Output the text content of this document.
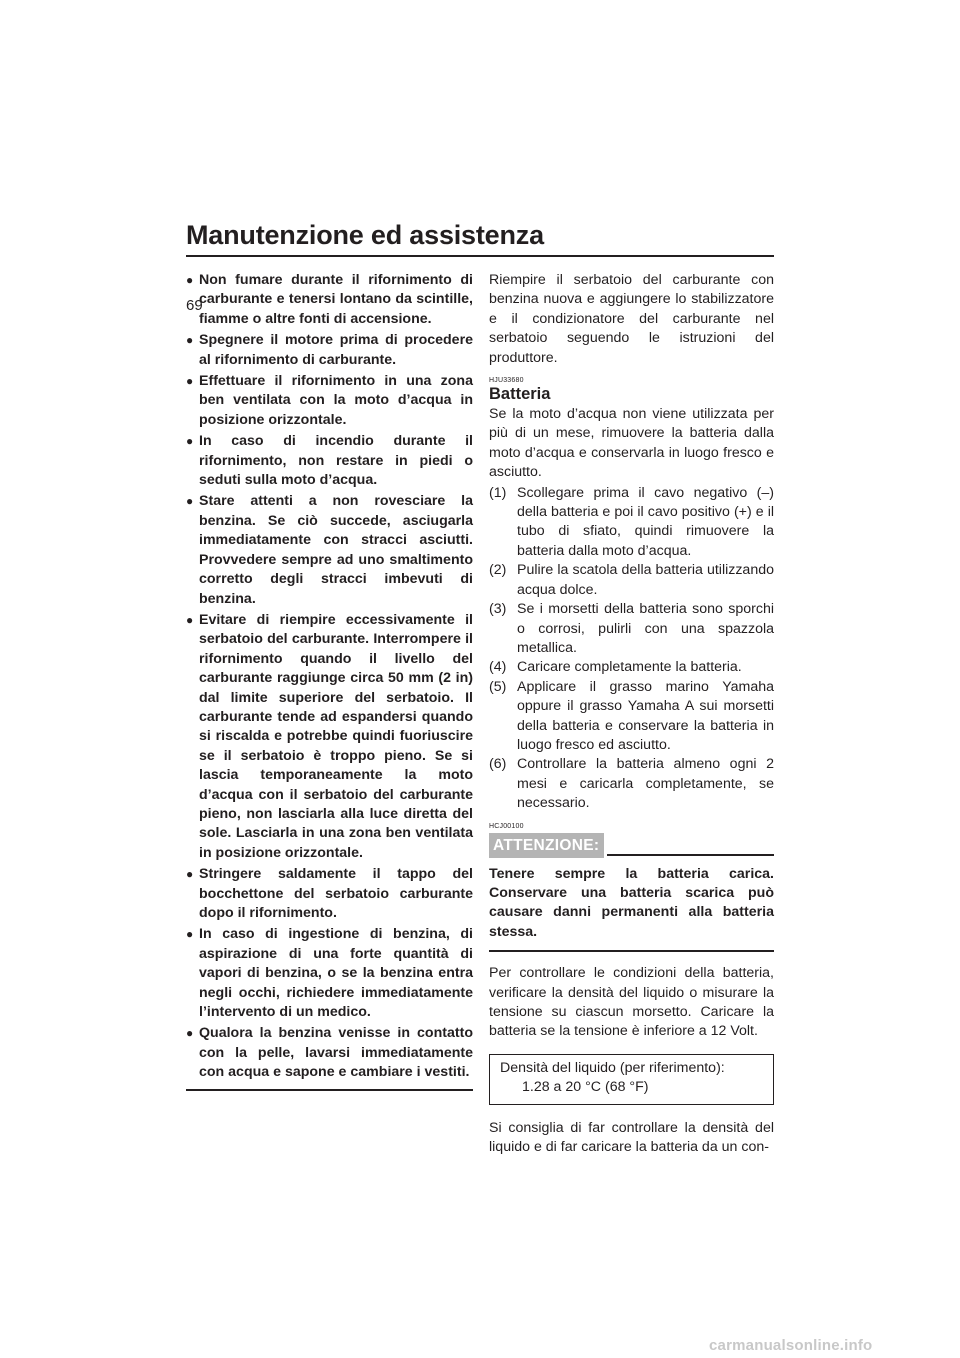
Manutenzione ed assistenza
69
● Non fumare durante il rifornimento di carburante e tenersi lontano da scintille, fiamme o altre fonti di accensione.
● Spegnere il motore prima di procedere al rifornimento di carburante.
● Effettuare il rifornimento in una zona ben ventilata con la moto d’acqua in posizione orizzontale.
● In caso di incendio durante il rifornimento, non restare in piedi o seduti sulla moto d’acqua.
● Stare attenti a non rovesciare la benzina. Se ciò succede, asciugarla immediatamente con stracci asciutti. Provvedere sempre ad uno smaltimento corretto degli stracci imbevuti di benzina.
● Evitare di riempire eccessivamente il serbatoio del carburante. Interrompere il rifornimento quando il livello del carburante raggiunge circa 50 mm (2 in) dal limite superiore del serbatoio. Il carburante tende ad espandersi quando si riscalda e potrebbe quindi fuoriuscire se il serbatoio è troppo pieno. Se si lascia temporaneamente la moto d’acqua con il serbatoio del carburante pieno, non lasciarla alla luce diretta del sole. Lasciarla in una zona ben ventilata in posizione orizzontale.
● Stringere saldamente il tappo del bocchettone del serbatoio carburante dopo il rifornimento.
● In caso di ingestione di benzina, di aspirazione di una forte quantità di vapori di benzina, o se la benzina entra negli occhi, richiedere immediatamente l’intervento di un medico.
● Qualora la benzina venisse in contatto con la pelle, lavarsi immediatamente con acqua e sapone e cambiare i vestiti.

Riempire il serbatoio del carburante con benzina nuova e aggiungere lo stabilizzatore e il condizionatore del carburante nel serbatoio seguendo le istruzioni del produttore.

HJU33680
Batteria

Se la moto d’acqua non viene utilizzata per più di un mese, rimuovere la batteria dalla moto d’acqua e conservarla in luogo fresco e asciutto.

(1) Scollegare prima il cavo negativo (–) della batteria e poi il cavo positivo (+) e il tubo di sfiato, quindi rimuovere la batteria dalla moto d’acqua.
(2) Pulire la scatola della batteria utilizzando acqua dolce.
(3) Se i morsetti della batteria sono sporchi o corrosi, pulirli con una spazzola metallica.
(4) Caricare completamente la batteria.
(5) Applicare il grasso marino Yamaha oppure il grasso Yamaha A sui morsetti della batteria e conservare la batteria in luogo fresco ed asciutto.
(6) Controllare la batteria almeno ogni 2 mesi e caricarla completamente, se necessario.
HCJ00100
ATTENZIONE:

Tenere sempre la batteria carica. Conservare una batteria scarica può causare danni permanenti alla batteria stessa.

Per controllare le condizioni della batteria, verificare la densità del liquido o misurare la tensione su ciascun morsetto. Caricare la batteria se la tensione è inferiore a 12 Volt.

Densità del liquido (per riferimento):
1.28 a 20 °C (68 °F)

Si consiglia di far controllare la densità del liquido e di far caricare la batteria da un con-

carmanualsonline.info
